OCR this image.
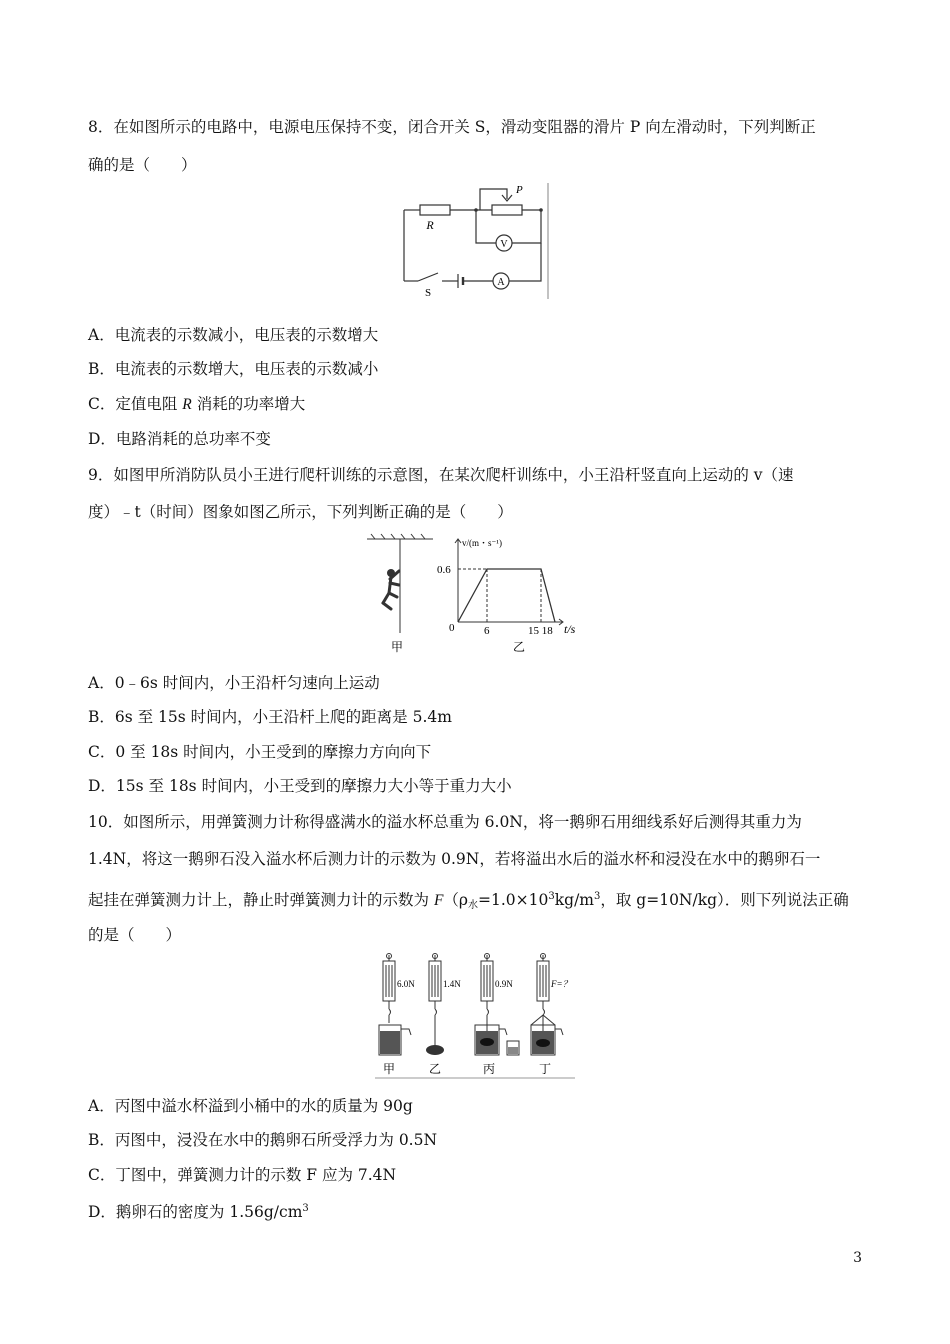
8．在如图所示的电路中，电源电压保持不变，闭合开关 S，滑动变阻器的滑片 P 向左滑动时，下列判断正
确的是（　　）
R
P
V
A
S
A．电流表的示数减小，电压表的示数增大
B．电流表的示数增大，电压表的示数减小
C．定值电阻 R 消耗的功率增大
D．电路消耗的总功率不变
9．如图甲所消防队员小王进行爬杆训练的示意图，在某次爬杆训练中，小王沿杆竖直向上运动的 v（速
度）﹣t（时间）图象如图乙所示，下列判断正确的是（　　）
甲
v/(m・s⁻¹)
0.6
0	6	15 18 t/s
乙
A．0﹣6s 时间内，小王沿杆匀速向上运动
B．6s 至 15s 时间内，小王沿杆上爬的距离是 5.4m
C．0 至 18s 时间内，小王受到的摩擦力方向向下
D．15s 至 18s 时间内，小王受到的摩擦力大小等于重力大小
10．如图所示，用弹簧测力计称得盛满水的溢水杯总重为 6.0N，将一鹅卵石用细线系好后测得其重力为
1.4N，将这一鹅卵石没入溢水杯后测力计的示数为 0.9N，若将溢出水后的溢水杯和浸没在水中的鹅卵石一
起挂在弹簧测力计上，静止时弹簧测力计的示数为 $F(\rho_水=1.0\times 10^3kg/m^3$，取 g=10N/kg）．则下列说法正确
的是（　　）
6.0N
甲
1.4N
乙
0.9N
丙
F=？
丁
A．丙图中溢水杯溢到小桶中的水的质量为 90g
B．丙图中，浸没在水中的鹅卵石所受浮力为 0.5N
C．丁图中，弹簧测力计的示数 F 应为 7.4N
D．鹅卵石的密度为 $1.56g/cm^3$
3
